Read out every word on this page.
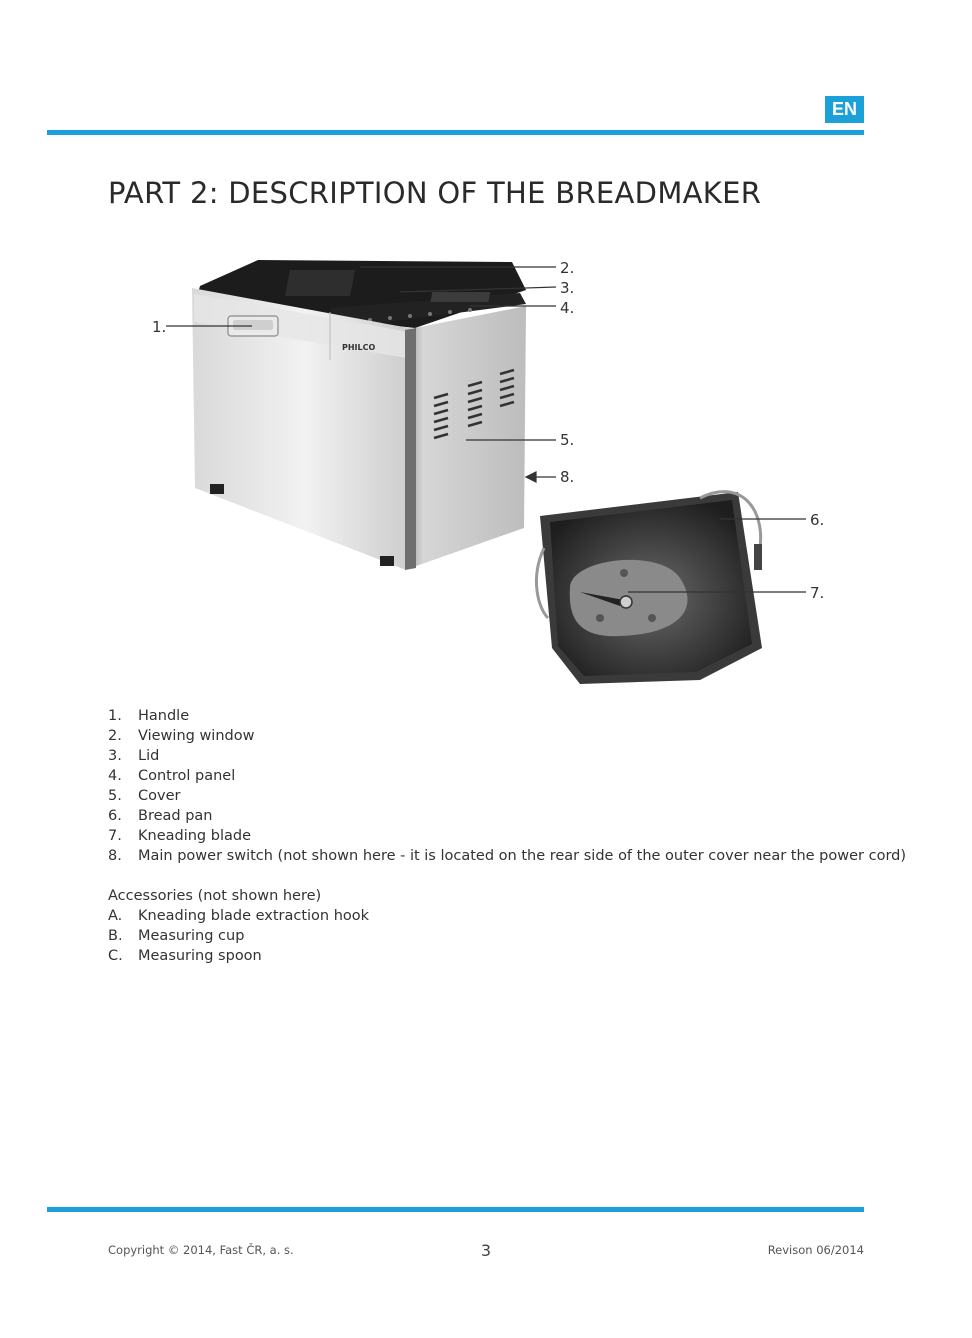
EN
PART 2: DESCRIPTION OF THE BREADMAKER
PHILCO
1.
2.
3.
4.
5.
8.
6.
7.
1.	Handle
2.	Viewing window
3.	Lid
4.	Control panel
5.	Cover
6.	Bread pan
7.	Kneading blade
8.	Main power switch (not shown here - it is located on the rear side of the outer cover near the power cord)
Accessories (not shown here)
A.	Kneading blade extraction hook
B.	Measuring cup
C.	Measuring spoon
Copyright © 2014, Fast ČR, a. s.	3	Revison 06/2014
